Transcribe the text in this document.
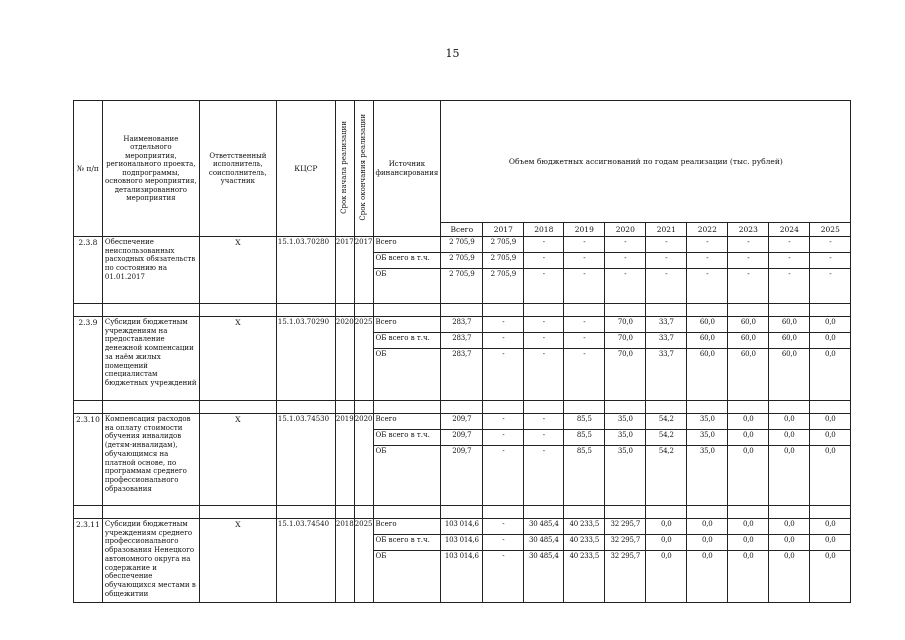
15
№ п/п	Наименование отдельного мероприятия, регионального проекта, подпрограммы, основного мероприятия, детализированного мероприятия	Ответственный исполнитель, соисполнитель, участник	КЦСР	Срок начала реализации	Срок окончания реализации	Источник финансирования	Объем бюджетных ассигнований по годам реализации (тыс. рублей)									
							Всего	2017	2018	2019	2020	2021	2022	2023	2024	2025
2.3.8	Обеспечение неиспользованных расходных обязательств по состоянию на 01.01.2017	X	15.1.03.70280	2017	2017	Всего	2 705,9	2 705,9	-	-	-	-	-	-	-	-
						ОБ всего в т.ч.	2 705,9	2 705,9	-	-	-	-	-	-	-	-
						ОБ	2 705,9	2 705,9	-	-	-	-	-	-	-	-

2.3.9	Субсидии бюджетным учреждениям на предоставление денежной компенсации за наём жилых помещений специалистам бюджетных учреждений	X	15.1.03.70290	2020	2025	Всего	283,7	-	-	-	70,0	33,7	60,0	60,0	60,0	0,0
						ОБ всего в т.ч.	283,7	-	-	-	70,0	33,7	60,0	60,0	60,0	0,0
						ОБ	283,7	-	-	-	70,0	33,7	60,0	60,0	60,0	0,0

2.3.10	Компенсация расходов на оплату стоимости обучения инвалидов (детям-инвалидам), обучающимся на платной основе, по программам среднего профессионального образования	X	15.1.03.74530	2019	2020	Всего	209,7	-	-	85,5	35,0	54,2	35,0	0,0	0,0	0,0
						ОБ всего в т.ч.	209,7	-	-	85,5	35,0	54,2	35,0	0,0	0,0	0,0
						ОБ	209,7	-	-	85,5	35,0	54,2	35,0	0,0	0,0	0,0

2.3.11	Субсидии бюджетным учреждениям среднего профессионального образования Ненецкого автономного округа на содержание и обеспечение обучающихся местами в общежитии	X	15.1.03.74540	2018	2025	Всего	103 014,6	-	30 485,4	40 233,5	32 295,7	0,0	0,0	0,0	0,0	0,0
						ОБ всего в т.ч.	103 014,6	-	30 485,4	40 233,5	32 295,7	0,0	0,0	0,0	0,0	0,0
						ОБ	103 014,6	-	30 485,4	40 233,5	32 295,7	0,0	0,0	0,0	0,0	0,0
